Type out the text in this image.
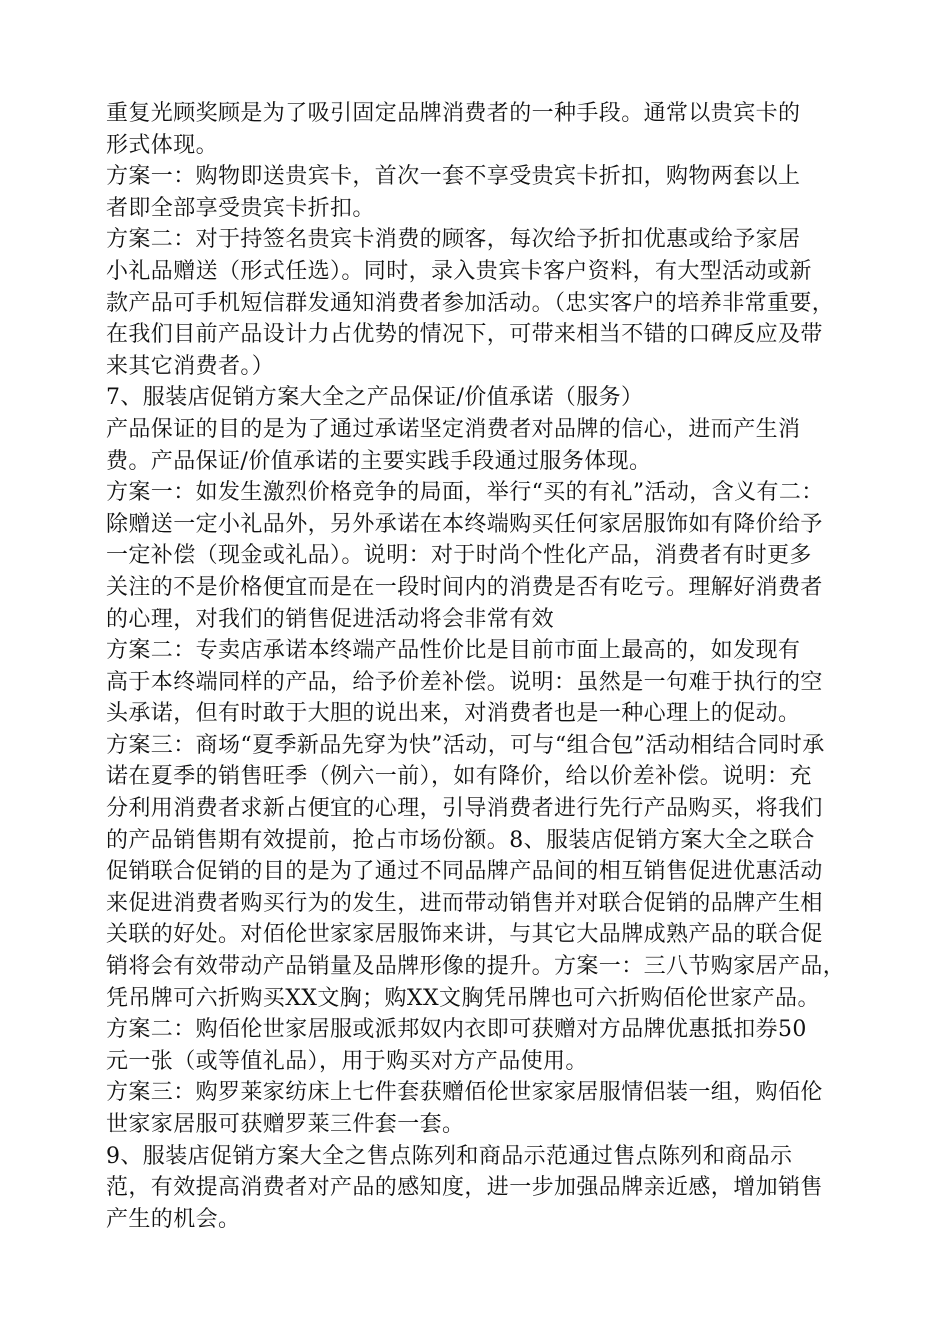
重复光顾奖顾是为了吸引固定品牌消费者的一种手段。通常以贵宾卡的
形式体现。
方案一：购物即送贵宾卡，首次一套不享受贵宾卡折扣，购物两套以上
者即全部享受贵宾卡折扣。
方案二：对于持签名贵宾卡消费的顾客，每次给予折扣优惠或给予家居
小礼品赠送（形式任选）。同时，录入贵宾卡客户资料，有大型活动或新
款产品可手机短信群发通知消费者参加活动。（忠实客户的培养非常重要，
在我们目前产品设计力占优势的情况下，可带来相当不错的口碑反应及带
来其它消费者。）
7、服装店促销方案大全之产品保证/价值承诺（服务）
产品保证的目的是为了通过承诺坚定消费者对品牌的信心，进而产生消
费。产品保证/价值承诺的主要实践手段通过服务体现。
方案一：如发生激烈价格竞争的局面，举行“买的有礼”活动，含义有二：
除赠送一定小礼品外，另外承诺在本终端购买任何家居服饰如有降价给予
一定补偿（现金或礼品）。说明：对于时尚个性化产品，消费者有时更多
关注的不是价格便宜而是在一段时间内的消费是否有吃亏。理解好消费者
的心理，对我们的销售促进活动将会非常有效
方案二：专卖店承诺本终端产品性价比是目前市面上最高的，如发现有
高于本终端同样的产品，给予价差补偿。说明：虽然是一句难于执行的空
头承诺，但有时敢于大胆的说出来，对消费者也是一种心理上的促动。
方案三：商场“夏季新品先穿为快”活动，可与“组合包”活动相结合同时承
诺在夏季的销售旺季（例六一前），如有降价，给以价差补偿。说明：充
分利用消费者求新占便宜的心理，引导消费者进行先行产品购买，将我们
的产品销售期有效提前，抢占市场份额。8、服装店促销方案大全之联合
促销联合促销的目的是为了通过不同品牌产品间的相互销售促进优惠活动
来促进消费者购买行为的发生，进而带动销售并对联合促销的品牌产生相
关联的好处。对佰伦世家家居服饰来讲，与其它大品牌成熟产品的联合促
销将会有效带动产品销量及品牌形像的提升。方案一：三八节购家居产品，
凭吊牌可六折购买XX文胸；购XX文胸凭吊牌也可六折购佰伦世家产品。
方案二：购佰伦世家居服或派邦奴内衣即可获赠对方品牌优惠抵扣券50
元一张（或等值礼品），用于购买对方产品使用。
方案三：购罗莱家纺床上七件套获赠佰伦世家家居服情侣装一组，购佰伦
世家家居服可获赠罗莱三件套一套。
9、服装店促销方案大全之售点陈列和商品示范通过售点陈列和商品示
范，有效提高消费者对产品的感知度，进一步加强品牌亲近感，增加销售
产生的机会。
